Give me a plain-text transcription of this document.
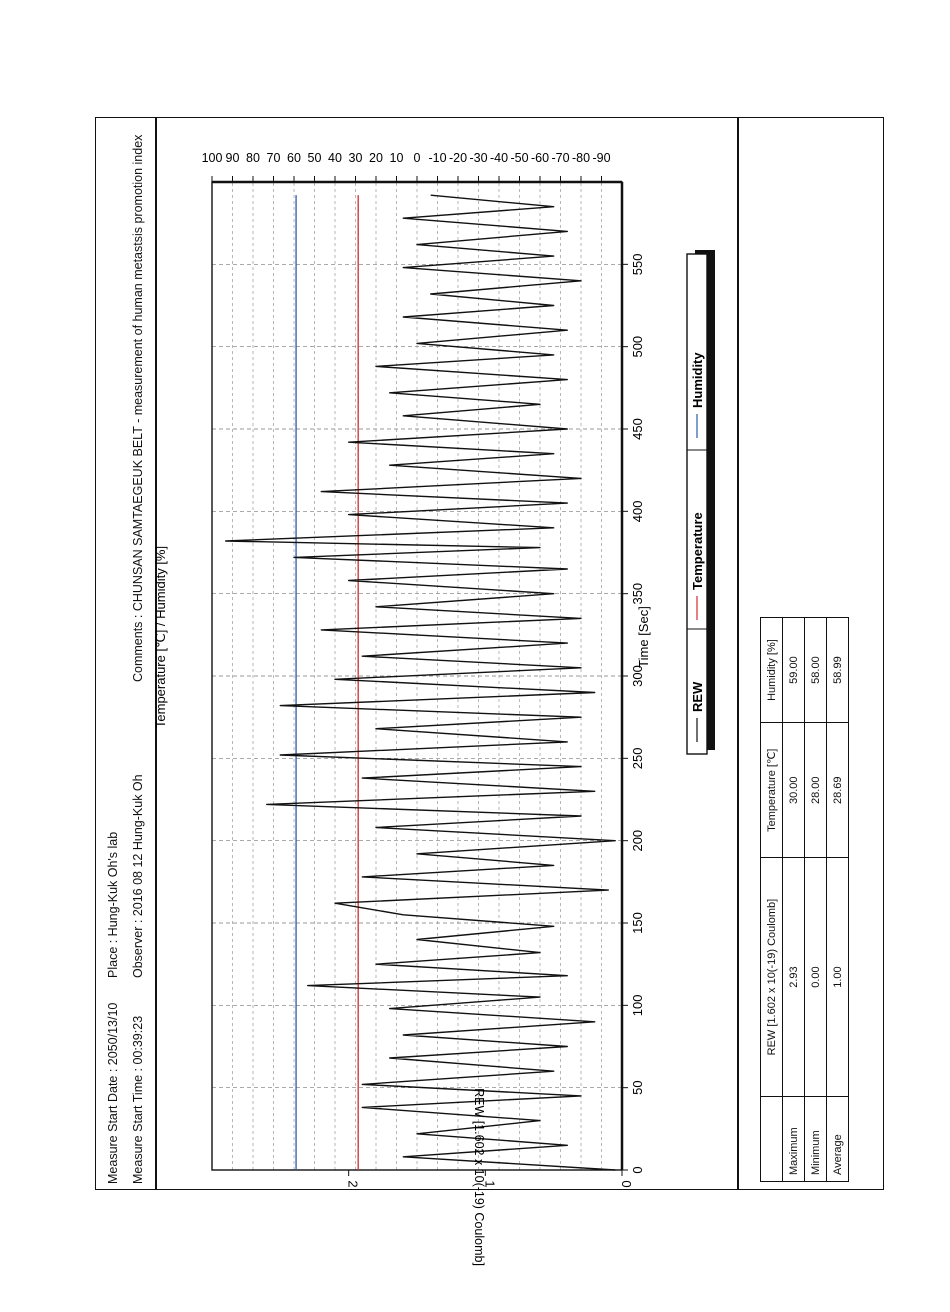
Measure Start Date : 2050/13/10 Measure Start Time : 00:39:23
Place : Hung-Kuk Oh's lab Observer : 2016 08 12 Hung-Kuk Oh
Comments : CHUNSAN SAMTAEGEUK BELT - measurement of human metastsis promotion index
0
50
100
150
200
250
300
350
400
450
500
550
-90
-80
-70
-60
-50
-40
-30
-20
-10
0
10
20
30
40
50
60
70
80
90
100
0
1
2
Time [Sec]
Temperature [℃] / Humidity [%]
REW [1.602 x 10(-19) Coulomb]
REW
Temperature
Humidity
	REW [1.602 x 10(-19) Coulomb]	Temperature [℃]	Humidity [%]
Maximum	2.93	30.00	59.00
Minimum	0.00	28.00	58.00
Average	1.00	28.69	58.99
